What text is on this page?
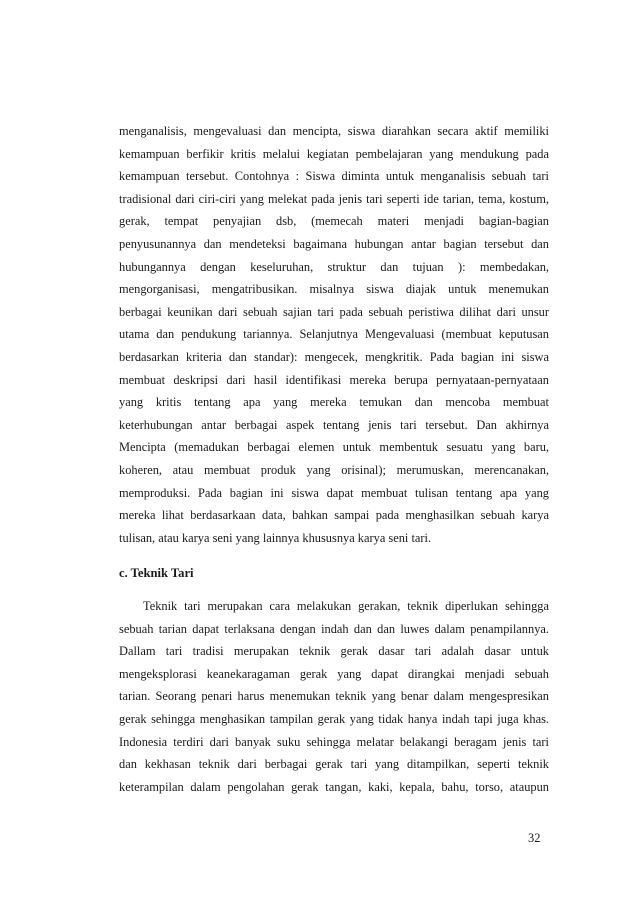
menganalisis, mengevaluasi dan mencipta, siswa diarahkan secara aktif memiliki
kemampuan berfikir kritis melalui kegiatan pembelajaran yang mendukung pada
kemampuan tersebut. Contohnya : Siswa diminta untuk menganalisis sebuah tari
tradisional dari ciri-ciri yang melekat pada jenis tari seperti ide tarian, tema, kostum,
gerak, tempat penyajian dsb, (memecah materi menjadi bagian-bagian
penyusunannya dan mendeteksi bagaimana hubungan antar bagian tersebut dan
hubungannya dengan keseluruhan, struktur dan tujuan ): membedakan,
mengorganisasi, mengatribusikan. misalnya siswa diajak untuk menemukan
berbagai keunikan dari sebuah sajian tari pada sebuah peristiwa dilihat dari unsur
utama dan pendukung tariannya. Selanjutnya Mengevaluasi (membuat keputusan
berdasarkan kriteria dan standar): mengecek, mengkritik. Pada bagian ini siswa
membuat deskripsi dari hasil identifikasi mereka berupa pernyataan-pernyataan
yang kritis tentang apa yang mereka temukan dan mencoba membuat
keterhubungan antar berbagai aspek tentang jenis tari tersebut. Dan akhirnya
Mencipta (memadukan berbagai elemen untuk membentuk sesuatu yang baru,
koheren, atau membuat produk yang orisinal); merumuskan, merencanakan,
memproduksi. Pada bagian ini siswa dapat membuat tulisan tentang apa yang
mereka lihat berdasarkaan data, bahkan sampai pada menghasilkan sebuah karya
tulisan, atau karya seni yang lainnya khususnya karya seni tari.
c. Teknik Tari
Teknik tari merupakan cara melakukan gerakan, teknik diperlukan sehingga
sebuah tarian dapat terlaksana dengan indah dan dan luwes dalam penampilannya.
Dallam tari tradisi merupakan teknik gerak dasar tari adalah dasar untuk
mengeksplorasi keanekaragaman gerak yang dapat dirangkai menjadi sebuah
tarian. Seorang penari harus menemukan teknik yang benar dalam mengespresikan
gerak sehingga menghasikan tampilan gerak yang tidak hanya indah tapi juga khas.
Indonesia terdiri dari banyak suku sehingga melatar belakangi beragam jenis tari
dan kekhasan teknik dari berbagai gerak tari yang ditampilkan, seperti teknik
keterampilan dalam pengolahan gerak tangan, kaki, kepala, bahu, torso, ataupun
32
